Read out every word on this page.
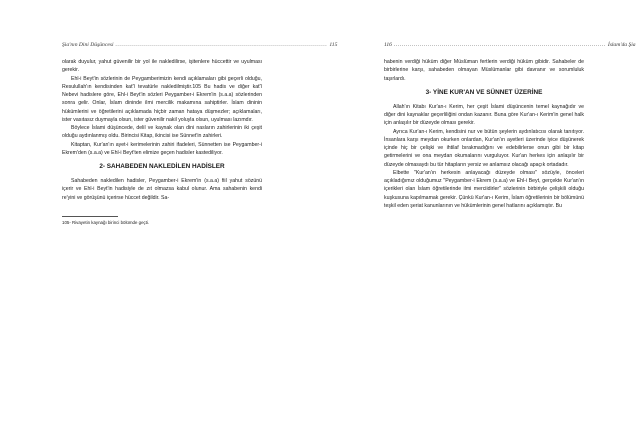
Şia'nın Dini Düşüncesi .......................................................................................................... 115

olarak duyulur, yahut güvenilir bir yol ile nakledilirse, işitenlere hüccettir ve uyulması gerekir.

Ehl-i Beyt'in sözlerinin de Peygamberimizin kendi açıklamaları gibi geçerli olduğu, Resulullah'ın kendisinden kat'î tevatürle nakledilmiştir.105 Bu hadis ve diğer kat'î Nebevi hadislere göre, Ehl-i Beyt'in sözleri Peygamber-i Ekrem'in (s.a.a) sözlerinden sonra gelir. Onlar, İslam dininde ilmi mercilik makamına sahiptirler. İslam dininin hükümlerini ve öğretilerini açıklamada hiçbir zaman hataya düşmezler; açıklamaları, ister vasıtasız duymayla olsun, ister güvenilir nakil yoluyla olsun, uyulması lazımdır.

Böylece İslami düşüncede, delil ve kaynak olan dini nasların zahirlerinin iki çeşit olduğu aydınlanmış oldu. Birincisi Kitap, ikincisi ise Sünnet'in zahirleri.

Kitaptan, Kur'an'ın ayet-i kerimelerinin zahiri ifadeleri, Sünnetten ise Peygamber-i Ekrem'den (s.a.a) ve Ehl-i Beyt'ten elimize geçen hadisler kastediliyor.

2- SAHABEDEN NAKLEDİLEN HADİSLER

Sahabeden nakledilen hadisler, Peygamber-i Ekrem'in (s.a.a) fiil yahut sözünü içerir ve Ehl-i Beyt'in hadisiyle de zıt olmazsa kabul olunur. Ama sahabenin kendi re'yini ve görüşünü içerirse hüccet değildir. Sa-

105- Rivayetin kaynağı birinci bölümde geçti.

116 .......................................................................................................... İslam'da Şia

habenin verdiği hüküm diğer Müslüman fertlerin verdiği hüküm gibidir. Sahabeler de birbirlerine karşı, sahabeden olmayan Müslümanlar gibi davranır ve sorumluluk taşırlardı.

3- YİNE KUR'AN VE SÜNNET ÜZERİNE

Allah'ın Kitabı Kur'an-ı Kerim, her çeşit İslami düşüncenin temel kaynağıdır ve diğer dini kaynaklar geçerliliğini ondan kazanır. Buna göre Kur'an-ı Kerim'in genel halk için anlaşılır bir düzeyde olması gerekir.

Ayrıca Kur'an-ı Kerim, kendisini nur ve bütün şeylerin aydınlatıcısı olarak tanıtıyor. İnsanlara karşı meydan okurken onlardan, Kur'an'ın ayetleri üzerinde iyice düşünerek içinde hiç bir çelişki ve ihtilaf bırakmadığını ve edebilirlerse onun gibi bir kitap getirmelerini ve ona meydan okumalarını vurguluyor. Kur'an herkes için anlaşılır bir düzeyde olmasaydı bu tür hitapların yersiz ve anlamsız olacağı apaçık ortadadır.

Elbette "Kur'an'ın herkesin anlayacağı düzeyde olması" sözüyle, önceleri açıkladığımız olduğumuz "Peygamber-i Ekrem (s.a.a) ve Ehl-i Beyt, gerçekte Kur'an'ın içerikleri olan İslam öğretilerinde ilmi merciidirler" sözlerinin birbiriyle çelişkili olduğu kuşkusuna kapılmamak gerekir. Çünkü Kur'an-ı Kerim, İslam öğretilerinin bir bölümünü teşkil eden şeriat kanunlarının ve hükümlerinin genel hatlarını açıklamıştır. Bu
